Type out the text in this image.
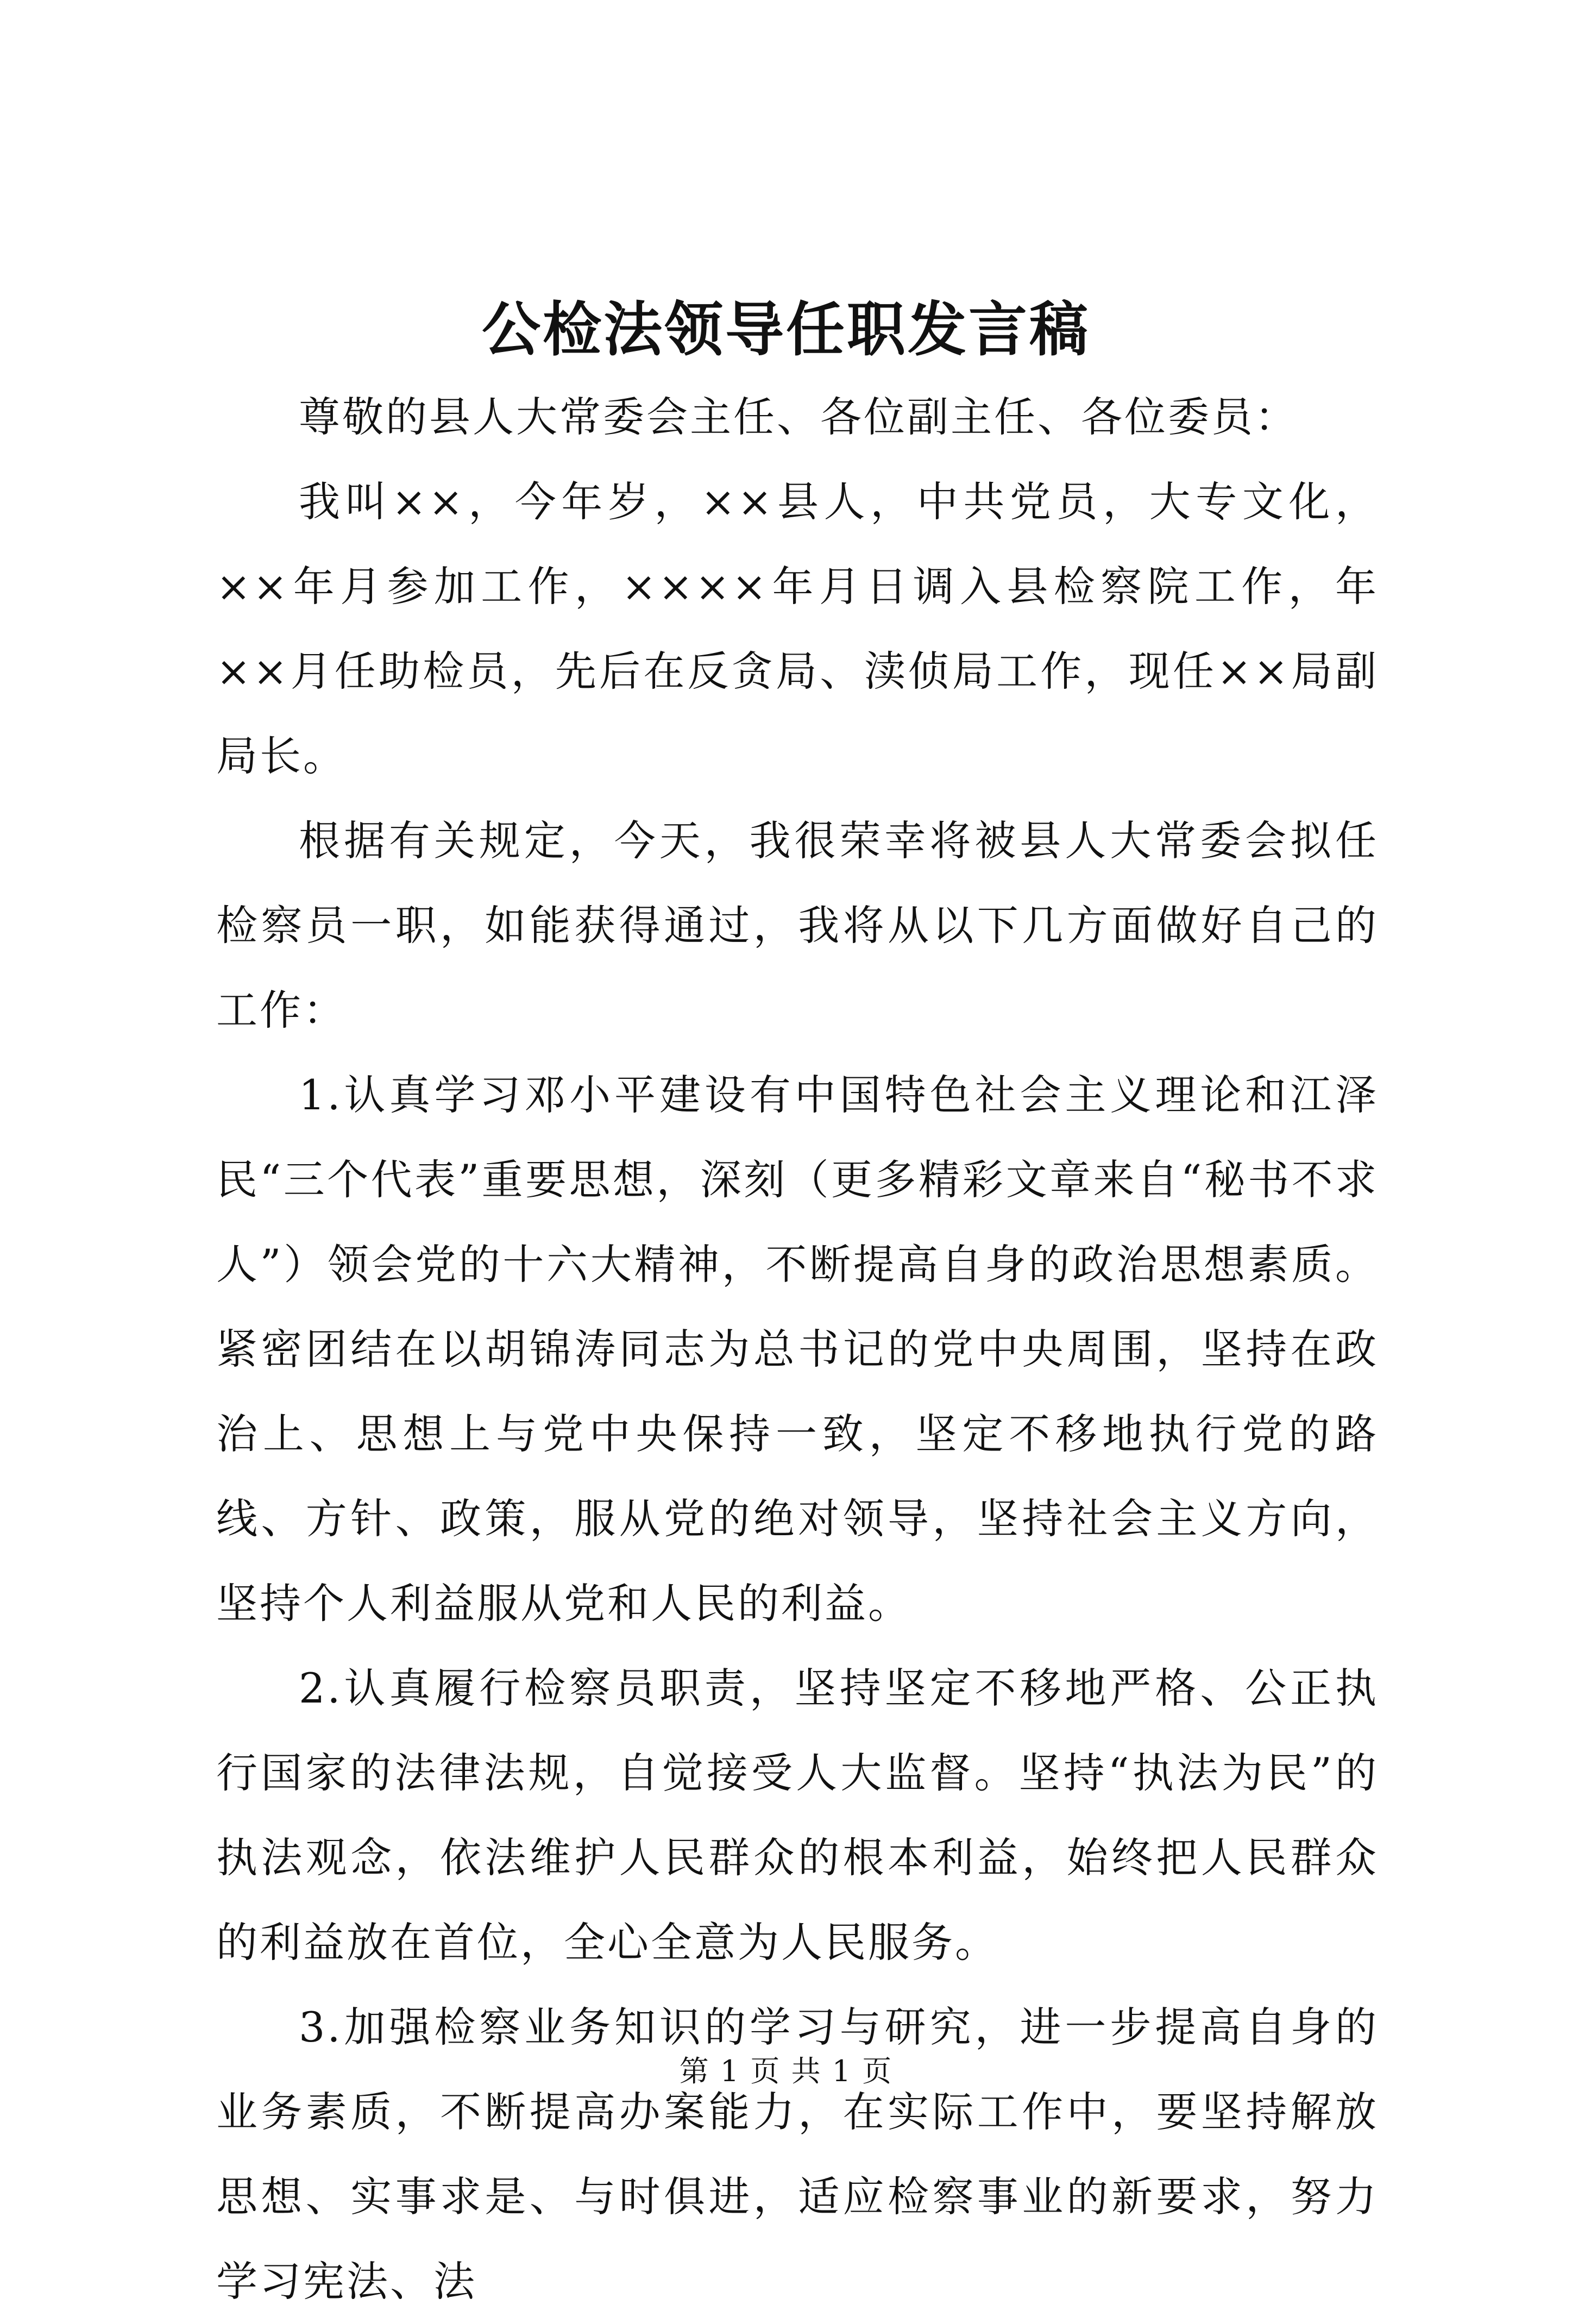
公检法领导任职发言稿

尊敬的县人大常委会主任、各位副主任、各位委员：

我叫××，今年岁，××县人，中共党员，大专文化，××年月参加工作，××××年月日调入县检察院工作，年××月任助检员，先后在反贪局、渎侦局工作，现任××局副局长。

根据有关规定，今天，我很荣幸将被县人大常委会拟任检察员一职，如能获得通过，我将从以下几方面做好自己的工作：

1.认真学习邓小平建设有中国特色社会主义理论和江泽民“三个代表”重要思想，深刻（更多精彩文章来自“秘书不求人”）领会党的十六大精神，不断提高自身的政治思想素质。紧密团结在以胡锦涛同志为总书记的党中央周围，坚持在政治上、思想上与党中央保持一致，坚定不移地执行党的路线、方针、政策，服从党的绝对领导，坚持社会主义方向，坚持个人利益服从党和人民的利益。

2.认真履行检察员职责，坚持坚定不移地严格、公正执行国家的法律法规，自觉接受人大监督。坚持“执法为民”的执法观念，依法维护人民群众的根本利益，始终把人民群众的利益放在首位，全心全意为人民服务。

3.加强检察业务知识的学习与研究，进一步提高自身的业务素质，不断提高办案能力，在实际工作中，要坚持解放思想、实事求是、与时俱进，适应检察事业的新要求，努力学习宪法、法

第 1 页 共 1 页
